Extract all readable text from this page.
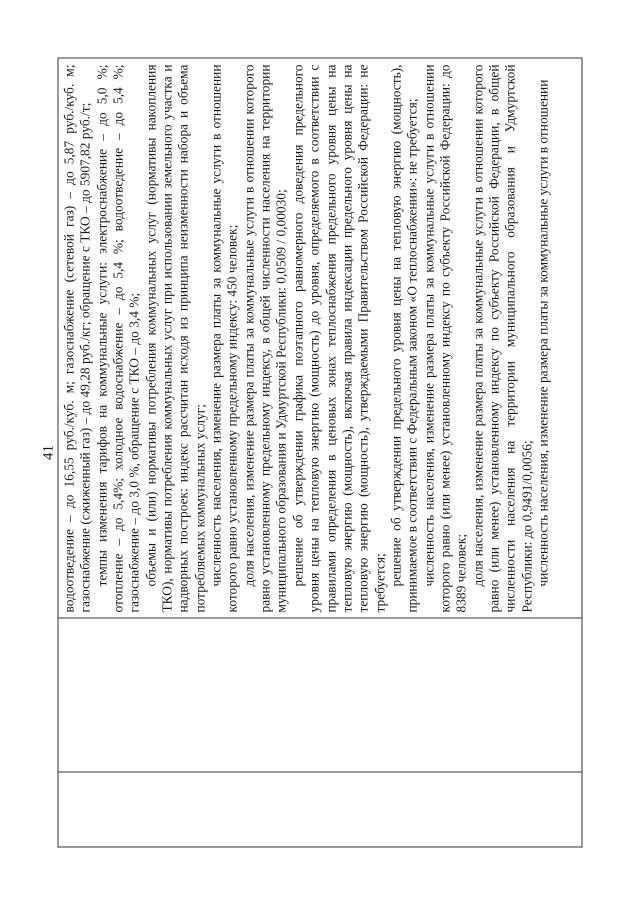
41 водоотведение – до 16,55 руб./куб. м; газоснабжение (сетевой газ) – до 5,87 руб./куб. м; газоснабжение (сжиженный газ) – до 49,28 руб./кг; обращение с ТКО – до 5907,82 руб./т; темпы изменения тарифов на коммунальные услуги: электроснабжение – до 5,0 %; отопление – до 5,4%; холодное водоснабжение – до 5,4 %; водоотведение – до 5,4 %; газоснабжение – до 3,0 %, обращение с ТКО – до 3,4 %; объемы и (или) нормативы потребления коммунальных услуг (нормативы накопления ТКО), нормативы потребления коммунальных услуг при использовании земельного участка и надворных построек: индекс рассчитан исходя из принципа неизменности набора и объема потребляемых коммунальных услуг; численность населения, изменение размера платы за коммунальные услуги в отношении которого равно установленному предельному индексу: 450 человек; доля населения, изменение размера платы за коммунальные услуги в отношении которого равно установленному предельному индексу, в общей численности населения на территории муниципального образования и Удмуртской Республики: 0,0509 / 0,00030; решение об утверждении графика поэтапного равномерного доведения предельного уровня цены на тепловую энергию (мощность) до уровня, определяемого в соответствии с правилами определения в ценовых зонах теплоснабжения предельного уровня цены на тепловую энергию (мощность), включая правила индексации предельного уровня цены на тепловую энергию (мощность), утверждаемыми Правительством Российской Федерации: не требуется; решение об утверждении предельного уровня цены на тепловую энергию (мощность), принимаемое в соответствии с Федеральным законом «О теплоснабжении»: не требуется; численность населения, изменение размера платы за коммунальные услуги в отношении которого равно (или менее) установленному индексу по субъекту Российской Федерации: до 8389 человек; доля населения, изменение размера платы за коммунальные услуги в отношении которого равно (или менее) установленному индексу по субъекту Российской Федерации, в общей численности населения на территории муниципального образования и Удмуртской Республики: до 0,9491/0,0056; численность населения, изменение размера платы за коммунальные услуги в отношении
